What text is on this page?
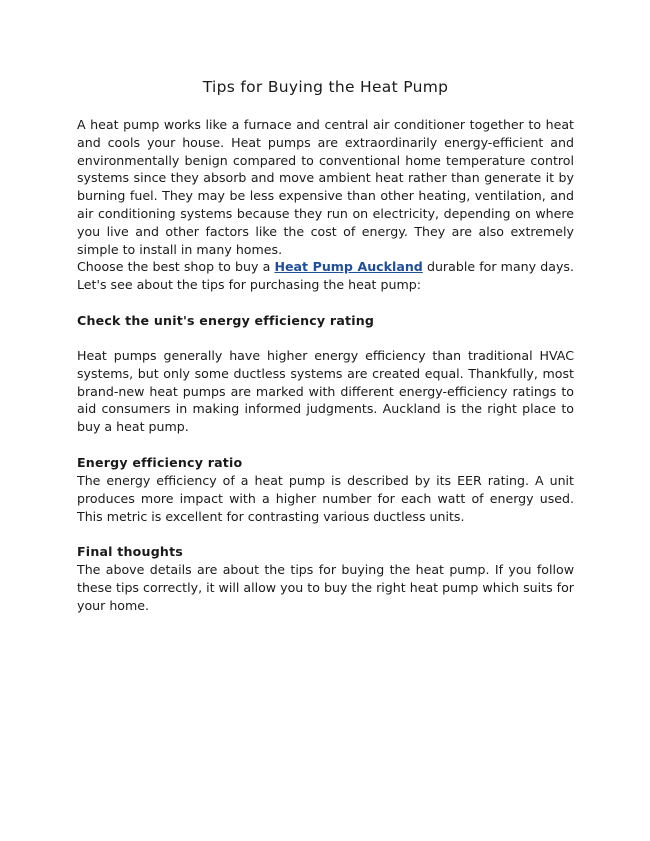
Tips for Buying the Heat Pump

A heat pump works like a furnace and central air conditioner together to heat and cools your house. Heat pumps are extraordinarily energy-efficient and environmentally benign compared to conventional home temperature control systems since they absorb and move ambient heat rather than generate it by burning fuel. They may be less expensive than other heating, ventilation, and air conditioning systems because they run on electricity, depending on where you live and other factors like the cost of energy. They are also extremely simple to install in many homes.

Choose the best shop to buy a Heat Pump Auckland durable for many days. Let's see about the tips for purchasing the heat pump:

Check the unit's energy efficiency rating

Heat pumps generally have higher energy efficiency than traditional HVAC systems, but only some ductless systems are created equal. Thankfully, most brand-new heat pumps are marked with different energy-efficiency ratings to aid consumers in making informed judgments. Auckland is the right place to buy a heat pump.

Energy efficiency ratio

The energy efficiency of a heat pump is described by its EER rating. A unit produces more impact with a higher number for each watt of energy used. This metric is excellent for contrasting various ductless units.

Final thoughts

The above details are about the tips for buying the heat pump. If you follow these tips correctly, it will allow you to buy the right heat pump which suits for your home.
